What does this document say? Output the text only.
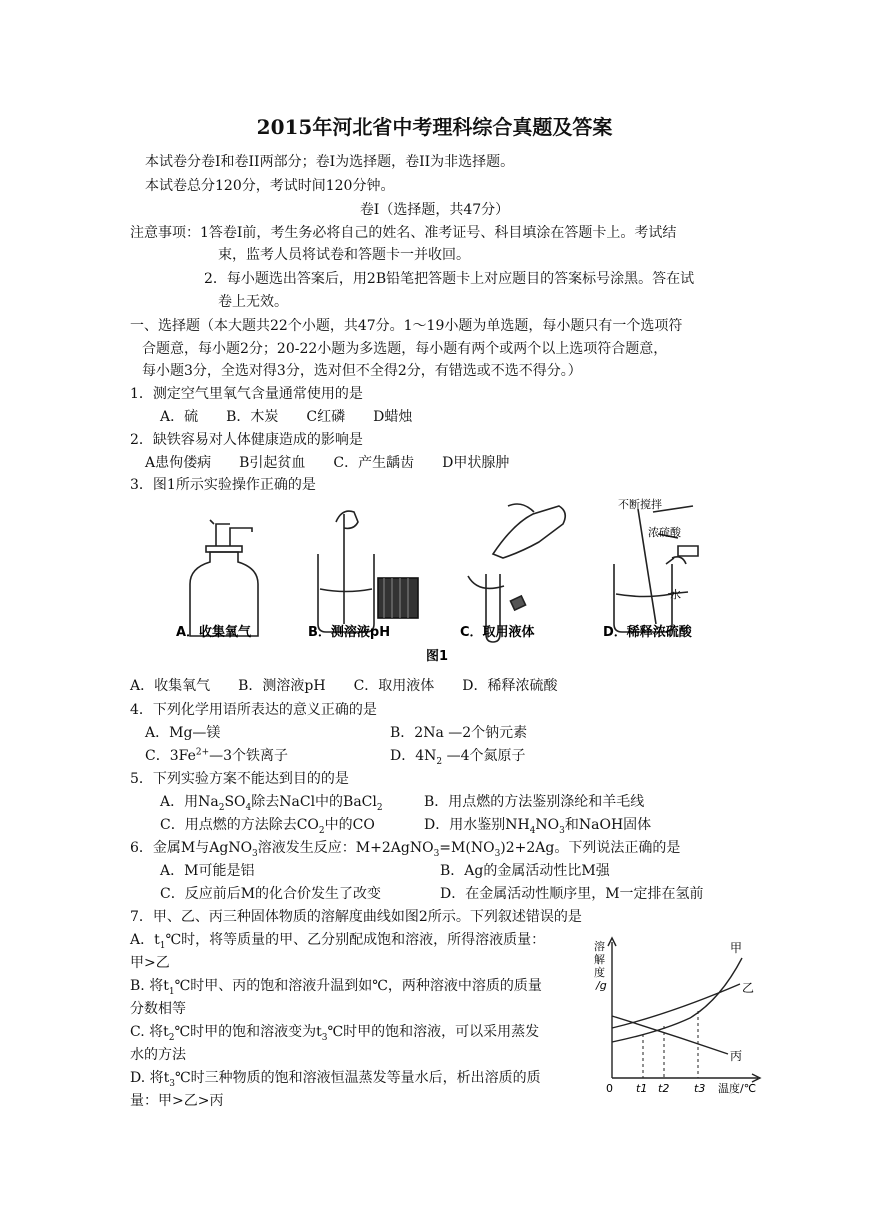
2015年河北省中考理科综合真题及答案
本试卷分卷Ⅰ和卷II两部分；卷Ⅰ为选择题，卷II为非选择题。
本试卷总分120分，考试时间120分钟。
卷Ⅰ（选择题，共47分）
注意事项：1答卷Ⅰ前，考生务必将自己的姓名、准考证号、科目填涂在答题卡上。考试结
束，监考人员将试卷和答题卡一并收回。
2．每小题选出答案后，用2B铅笔把答题卡上对应题目的答案标号涂黑。答在试
卷上无效。
一、选择题（本大题共22个小题，共47分。1～19小题为单选题，每小题只有一个选项符
合题意，每小题2分；20-22小题为多选题，每小题有两个或两个以上选项符合题意，
每小题3分，全选对得3分，选对但不全得2分，有错选或不选不得分。）
1．测定空气里氧气含量通常使用的是
A．硫　　B．木炭　　C红磷　　D蜡烛
2．缺铁容易对人体健康造成的影响是
A患佝偻病　　B引起贫血　　C．产生龋齿　　D甲状腺肿
3．图1所示实验操作正确的是
不断搅拌
浓硫酸
水
A．收集氧气	B．测溶液pH	C．取用液体	D．稀释浓硫酸
图1
A．收集氧气　　B．测溶液pH　　C．取用液体　　D．稀释浓硫酸
4．下列化学用语所表达的意义正确的是
A．Mg—镁	B．2Na —2个钠元素
C．$3Fe^{2+}—3$个铁离子	D．$4N_2$ —4个氮原子
5．下列实验方案不能达到目的的是
A．用$Na_2SO_4$除去NaCl中的BaCl$_2$	B．用点燃的方法鉴别涤纶和羊毛线
C．用点燃的方法除去$CO_2$中的CO	D．用水鉴别$NH_4NO_3$和NaOH固体
6．金属M与AgNO$_3$溶液发生反应：$M+2AgNO_3=M(NO_3)2+2Ag$。下列说法正确的是
A．M可能是铝	B．Ag的金属活动性比M强
C．反应前后M的化合价发生了改变	D．在金属活动性顺序里，M一定排在氢前
7．甲、乙、丙三种固体物质的溶解度曲线如图2所示。下列叙述错误的是
A．$t_1℃$时，将等质量的甲、乙分别配成饱和溶液，所得溶液质量：
甲>乙
B. 将$t_1℃$时甲、丙的饱和溶液升温到如℃，两种溶液中溶质的质量
分数相等
C. 将$t_2℃$时甲的饱和溶液变为$t_3℃$时甲的饱和溶液，可以采用蒸发
水的方法
D. 将$t_3℃$时三种物质的饱和溶液恒温蒸发等量水后，析出溶质的质
量：甲>乙>丙
溶
解
度
/g
0 t1 t2 t3 温度/℃
甲
乙
丙
